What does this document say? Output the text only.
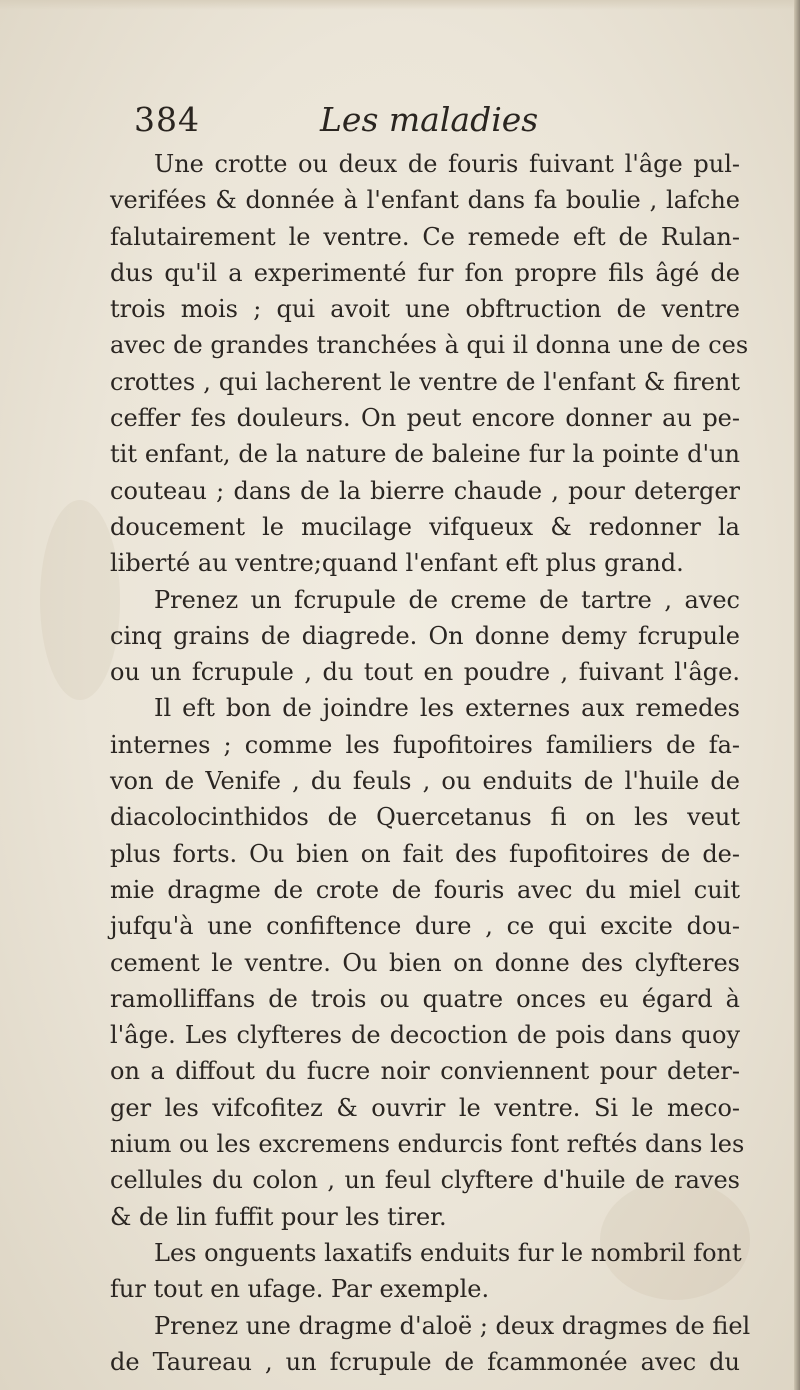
384	Les maladies
Une crotte ou deux de fouris fuivant l'âge pul-
verifées & donnée à l'enfant dans fa boulie , lafche
falutairement le ventre. Ce remede eft de Rulan-
dus qu'il a experimenté fur fon propre fils âgé de
trois mois ; qui avoit une obftruction de ventre
avec de grandes tranchées à qui il donna une de ces
crottes , qui lacherent le ventre de l'enfant & firent
ceffer fes douleurs. On peut encore donner au pe-
tit enfant, de la nature de baleine fur la pointe d'un
couteau ; dans de la bierre chaude , pour deterger
doucement le mucilage vifqueux & redonner la
liberté au ventre;quand l'enfant eft plus grand.
Prenez un fcrupule de creme de tartre , avec
cinq grains de diagrede. On donne demy fcrupule
ou un fcrupule , du tout en poudre , fuivant l'âge.
Il eft bon de joindre les externes aux remedes
internes ; comme les fupofitoires familiers de fa-
von de Venife , du feuls , ou enduits de l'huile de
diacolocinthidos de Quercetanus fi on les veut
plus forts. Ou bien on fait des fupofitoires de de-
mie dragme de crote de fouris avec du miel cuit
jufqu'à une confiftence dure , ce qui excite dou-
cement le ventre. Ou bien on donne des clyfteres
ramolliffans de trois ou quatre onces eu égard à
l'âge. Les clyfteres de decoction de pois dans quoy
on a diffout du fucre noir conviennent pour deter-
ger les vifcofitez & ouvrir le ventre. Si le meco-
nium ou les excremens endurcis font reftés dans les
cellules du colon , un feul clyftere d'huile de raves
& de lin fuffit pour les tirer.
Les onguents laxatifs enduits fur le nombril font
fur tout en ufage. Par exemple.
Prenez une dragme d'aloë ; deux dragmes de fiel
de Taureau , un fcrupule de fcammonée avec du
